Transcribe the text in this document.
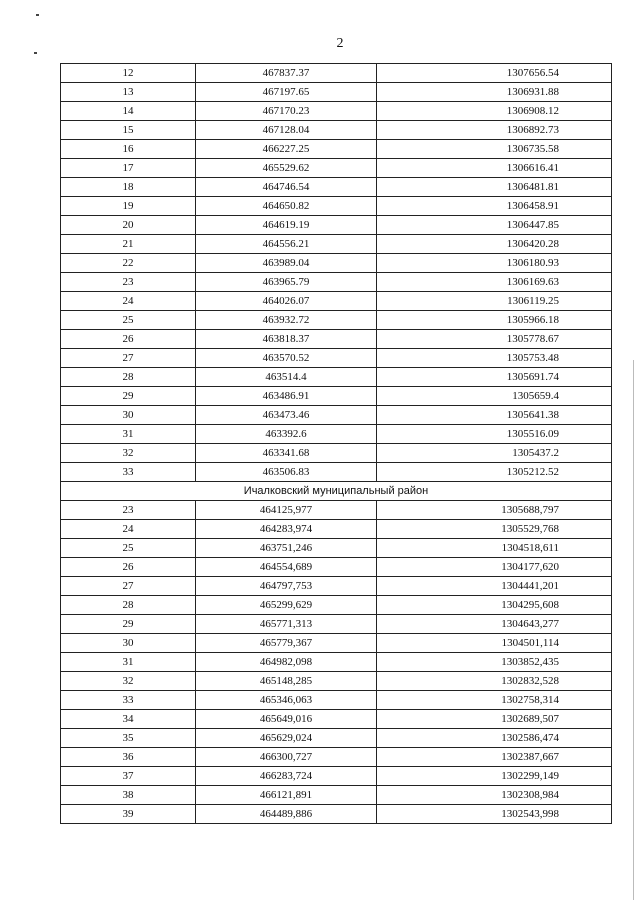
2
12	467837.37	1307656.54
13	467197.65	1306931.88
14	467170.23	1306908.12
15	467128.04	1306892.73
16	466227.25	1306735.58
17	465529.62	1306616.41
18	464746.54	1306481.81
19	464650.82	1306458.91
20	464619.19	1306447.85
21	464556.21	1306420.28
22	463989.04	1306180.93
23	463965.79	1306169.63
24	464026.07	1306119.25
25	463932.72	1305966.18
26	463818.37	1305778.67
27	463570.52	1305753.48
28	463514.4	1305691.74
29	463486.91	1305659.4
30	463473.46	1305641.38
31	463392.6	1305516.09
32	463341.68	1305437.2
33	463506.83	1305212.52
Ичалковский муниципальный район		
23	464125,977	1305688,797
24	464283,974	1305529,768
25	463751,246	1304518,611
26	464554,689	1304177,620
27	464797,753	1304441,201
28	465299,629	1304295,608
29	465771,313	1304643,277
30	465779,367	1304501,114
31	464982,098	1303852,435
32	465148,285	1302832,528
33	465346,063	1302758,314
34	465649,016	1302689,507
35	465629,024	1302586,474
36	466300,727	1302387,667
37	466283,724	1302299,149
38	466121,891	1302308,984
39	464489,886	1302543,998
